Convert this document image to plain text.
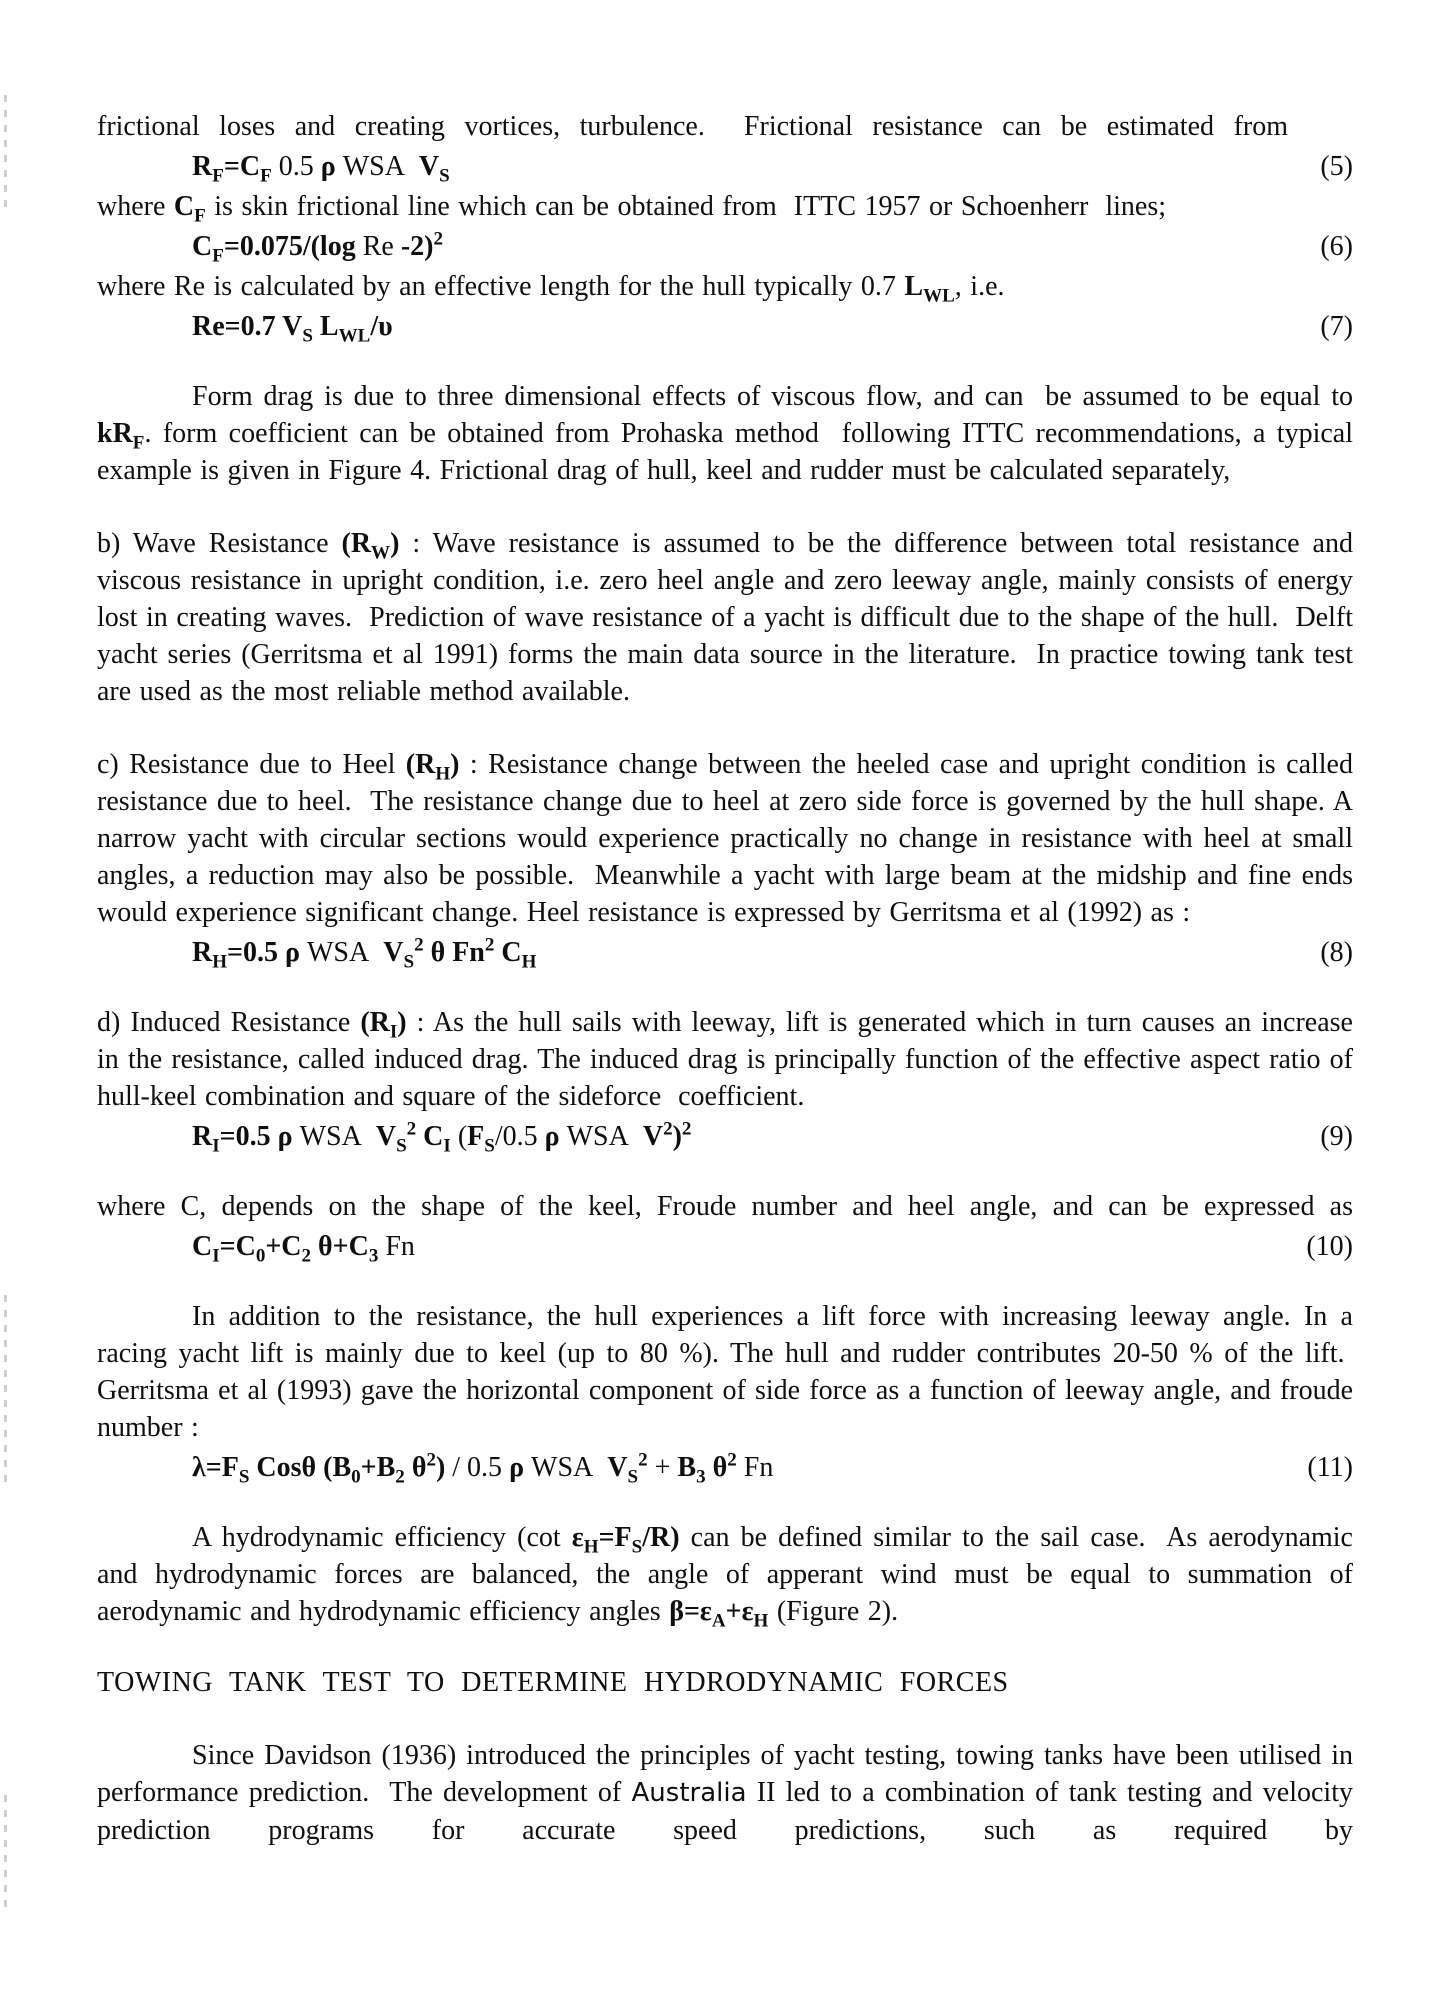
frictional loses and creating vortices, turbulence.  Frictional resistance can be estimated from

$R_F=C_F$ 0.5 ρ WSA  $V_S$	(5)

where $C_F$ is skin frictional line which can be obtained from  ITTC 1957 or Schoenherr  lines;

$C_F=0.075/(\log$ Re -2)$^2$	(6)

where Re is calculated by an effective length for the hull typically 0.7 $L_{WL}$, i.e.

Re=0.7 $V_S$ $L_{WL}/\upsilon$	(7)

Form drag is due to three dimensional effects of viscous flow, and can  be assumed to be equal to $kR_F$. form coefficient can be obtained from Prohaska method  following ITTC recommendations, a typical example is given in Figure 4. Frictional drag of hull, keel and rudder must be calculated separately,

b) Wave Resistance $(R_W)$ : Wave resistance is assumed to be the difference between total resistance and viscous resistance in upright condition, i.e. zero heel angle and zero leeway angle, mainly consists of energy lost in creating waves.  Prediction of wave resistance of a yacht is difficult due to the shape of the hull.  Delft yacht series (Gerritsma et al 1991) forms the main data source in the literature.  In practice towing tank test are used as the most reliable method available.

c) Resistance due to Heel $(R_H)$ : Resistance change between the heeled case and upright condition is called resistance due to heel.  The resistance change due to heel at zero side force is governed by the hull shape. A narrow yacht with circular sections would experience practically no change in resistance with heel at small angles, a reduction may also be possible.  Meanwhile a yacht with large beam at the midship and fine ends would experience significant change. Heel resistance is expressed by Gerritsma et al (1992) as :

$R_H=0.5$ ρ WSA  $V_S^2$ θ Fn$^2$ $C_H$	(8)

d) Induced Resistance $(R_I)$ : As the hull sails with leeway, lift is generated which in turn causes an increase in the resistance, called induced drag. The induced drag is principally function of the effective aspect ratio of hull-keel combination and square of the sideforce  coefficient.

$R_I=0.5$ ρ WSA  $V_S^2$ $C_I$ ($F_S/0.5$ ρ WSA  $V^2)^2$	(9)

where C, depends on the shape of the keel, Froude number and heel angle, and can be expressed as

$C_I=C_0+C_2$ $\theta+C_3$ Fn	(10)

In addition to the resistance, the hull experiences a lift force with increasing leeway angle. In a racing yacht lift is mainly due to keel (up to 80 %). The hull and rudder contributes 20-50 % of the lift.  Gerritsma et al (1993) gave the horizontal component of side force as a function of leeway angle, and froude number :

$\lambda=F_S$ Cosθ ($B_0+B_2$ $\theta^2) / 0.5$ ρ WSA  $V_S^2 + B_3$ $\theta^2$ Fn	(11)

A hydrodynamic efficiency (cot $\varepsilon_H=F_S/R$) can be defined similar to the sail case.  As aerodynamic and hydrodynamic forces are balanced, the angle of apperant wind must be equal to summation of aerodynamic and hydrodynamic efficiency angles $\beta=\varepsilon_A+\varepsilon_H$ (Figure 2).

TOWING TANK TEST TO DETERMINE HYDRODYNAMIC FORCES

Since Davidson (1936) introduced the principles of yacht testing, towing tanks have been utilised in performance prediction.  The development of Australia II led to a combination of tank testing and velocity prediction programs for accurate speed predictions, such as required by
